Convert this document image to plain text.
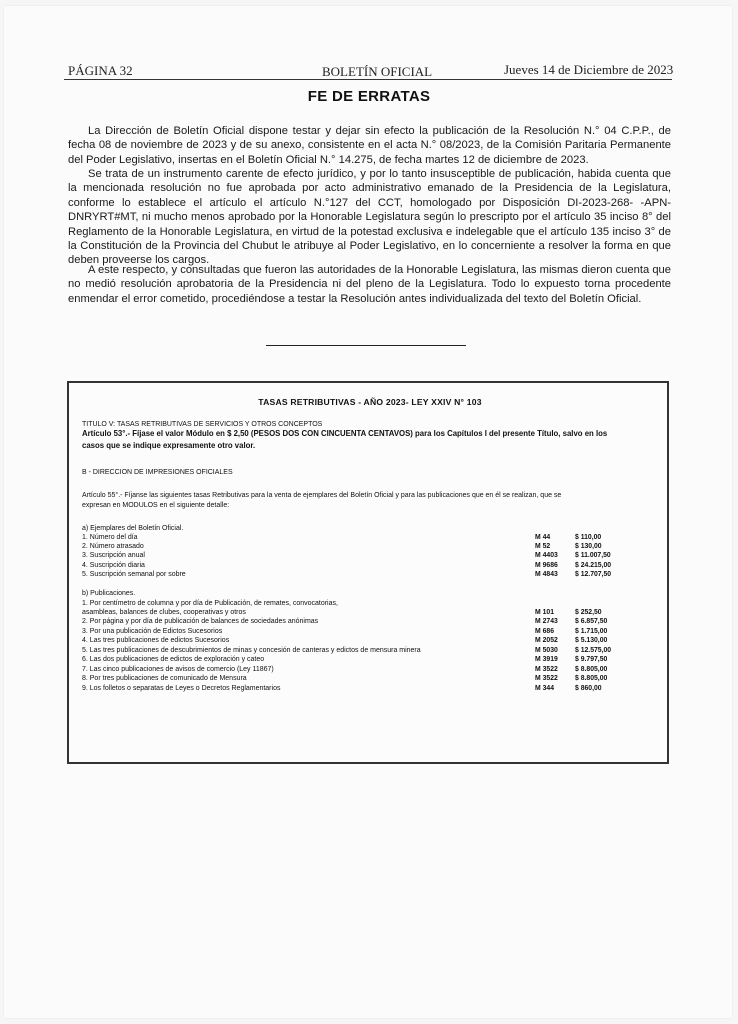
PÁGINA 32	BOLETÍN OFICIAL	Jueves 14 de Diciembre de 2023
FE DE ERRATAS

La Dirección de Boletín Oficial dispone testar y dejar sin efecto la publicación de la Resolución N.° 04 C.P.P., de fecha 08 de noviembre de 2023 y de su anexo, consistente en el acta N.° 08/2023, de la Comisión Paritaria Permanente del Poder Legislativo, insertas en el Boletín Oficial N.° 14.275, de fecha martes 12 de diciembre de 2023.

Se trata de un instrumento carente de efecto jurídico, y por lo tanto insusceptible de publicación, habida cuenta que la mencionada resolución no fue aprobada por acto administrativo emanado de la Presidencia de la Legislatura, conforme lo establece el artículo el artículo N.°127 del CCT, homologado por Disposición DI-2023-268- -APN-DNRYRT#MT, ni mucho menos aprobado por la Honorable Legislatura según lo prescripto por el artículo 35 inciso 8° del Reglamento de la Honorable Legislatura, en virtud de la potestad exclusiva e indelegable que el artículo 135 inciso 3° de la Constitución de la Provincia del Chubut le atribuye al Poder Legislativo, en lo concerniente a resolver la forma en que deben proveerse los cargos.

A este respecto, y consultadas que fueron las autoridades de la Honorable Legislatura, las mismas dieron cuenta que no medió resolución aprobatoria de la Presidencia ni del pleno de la Legislatura. Todo lo expuesto torna procedente enmendar el error cometido, procediéndose a testar la Resolución antes individualizada del texto del Boletín Oficial.

TASAS RETRIBUTIVAS - AÑO 2023- LEY XXIV N° 103
TITULO V: TASAS RETRIBUTIVAS DE SERVICIOS Y OTROS CONCEPTOS
Artículo 53°.- Fíjase el valor Módulo en $ 2,50 (PESOS DOS CON CINCUENTA CENTAVOS) para los Capítulos I del presente Título, salvo en los
casos que se indique expresamente otro valor.
B - DIRECCION DE IMPRESIONES OFICIALES
Artículo 55°.- Fíjanse las siguientes tasas Retributivas para la venta de ejemplares del Boletín Oficial y para las publicaciones que en él se realizan, que se
expresan en MODULOS en el siguiente detalle:
a) Ejemplares del Boletín Oficial.
1. Número del día	M 44	$ 110,00
2. Número atrasado	M 52	$ 130,00
3. Suscripción anual	M 4403 $ 11.007,50
4. Suscripción diaria	M 9686 $ 24.215,00
5. Suscripción semanal por sobre	M 4843 $ 12.707,50
b) Publicaciones.
1. Por centímetro de columna y por día de Publicación, de remates, convocatorias,
asambleas, balances de clubes, cooperativas y otros	M 101	$ 252,50
2. Por página y por día de publicación de balances de sociedades anónimas	M 2743 $ 6.857,50
3. Por una publicación de Edictos Sucesorios	M 686	$ 1.715,00
4. Las tres publicaciones de edictos Sucesorios	M 2052 $ 5.130,00
5. Las tres publicaciones de descubrimientos de minas y concesión de canteras y edictos de mensura minera	M 5030 $ 12.575,00
6. Las dos publicaciones de edictos de exploración y cateo	M 3919 $ 9.797,50
7. Las cinco publicaciones de avisos de comercio (Ley 11867)	M 3522 $ 8.805,00
8. Por tres publicaciones de comunicado de Mensura	M 3522 $ 8.805,00
9. Los folletos o separatas de Leyes o Decretos Reglamentarios	M 344	$ 860,00
